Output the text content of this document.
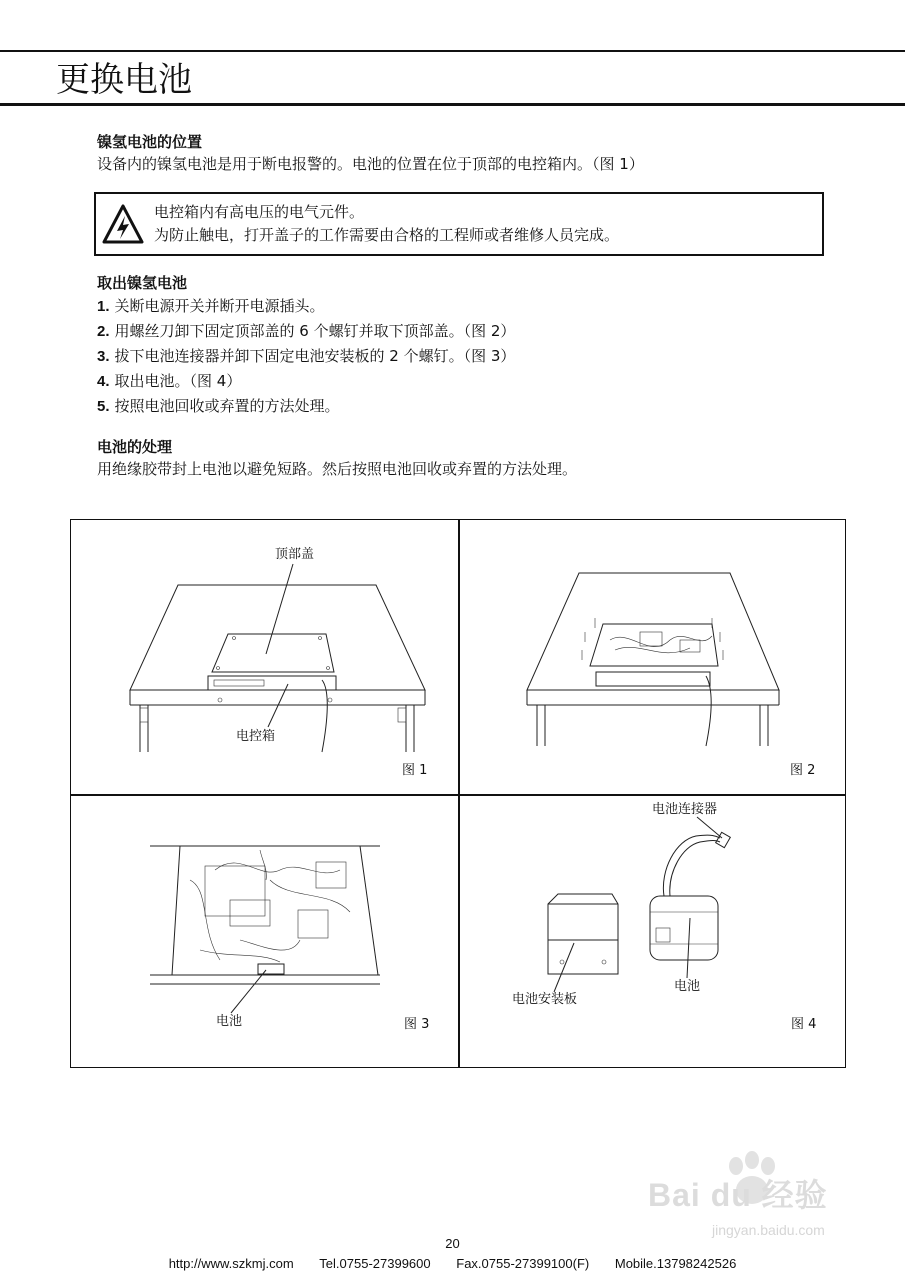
更换电池
镍氢电池的位置
设备内的镍氢电池是用于断电报警的。电池的位置在位于顶部的电控箱内。（图 1）
电控箱内有高电压的电气元件。
为防止触电，打开盖子的工作需要由合格的工程师或者维修人员完成。
取出镍氢电池
1. 关断电源开关并断开电源插头。
2. 用螺丝刀卸下固定顶部盖的 6 个螺钉并取下顶部盖。（图 2）
3. 拔下电池连接器并卸下固定电池安装板的 2 个螺钉。（图 3）
4. 取出电池。（图 4）
5. 按照电池回收或弃置的方法处理。
电池的处理
用绝缘胶带封上电池以避免短路。然后按照电池回收或弃置的方法处理。
顶部盖
电控箱
图 1	图 2
电池	图 3
电池连接器
电池安装板
电池
图 4
Bai du 经验
jingyan.baidu.com
20
http://www.szkmj.com Tel.0755-27399600 Fax.0755-27399100(F) Mobile.13798242526
